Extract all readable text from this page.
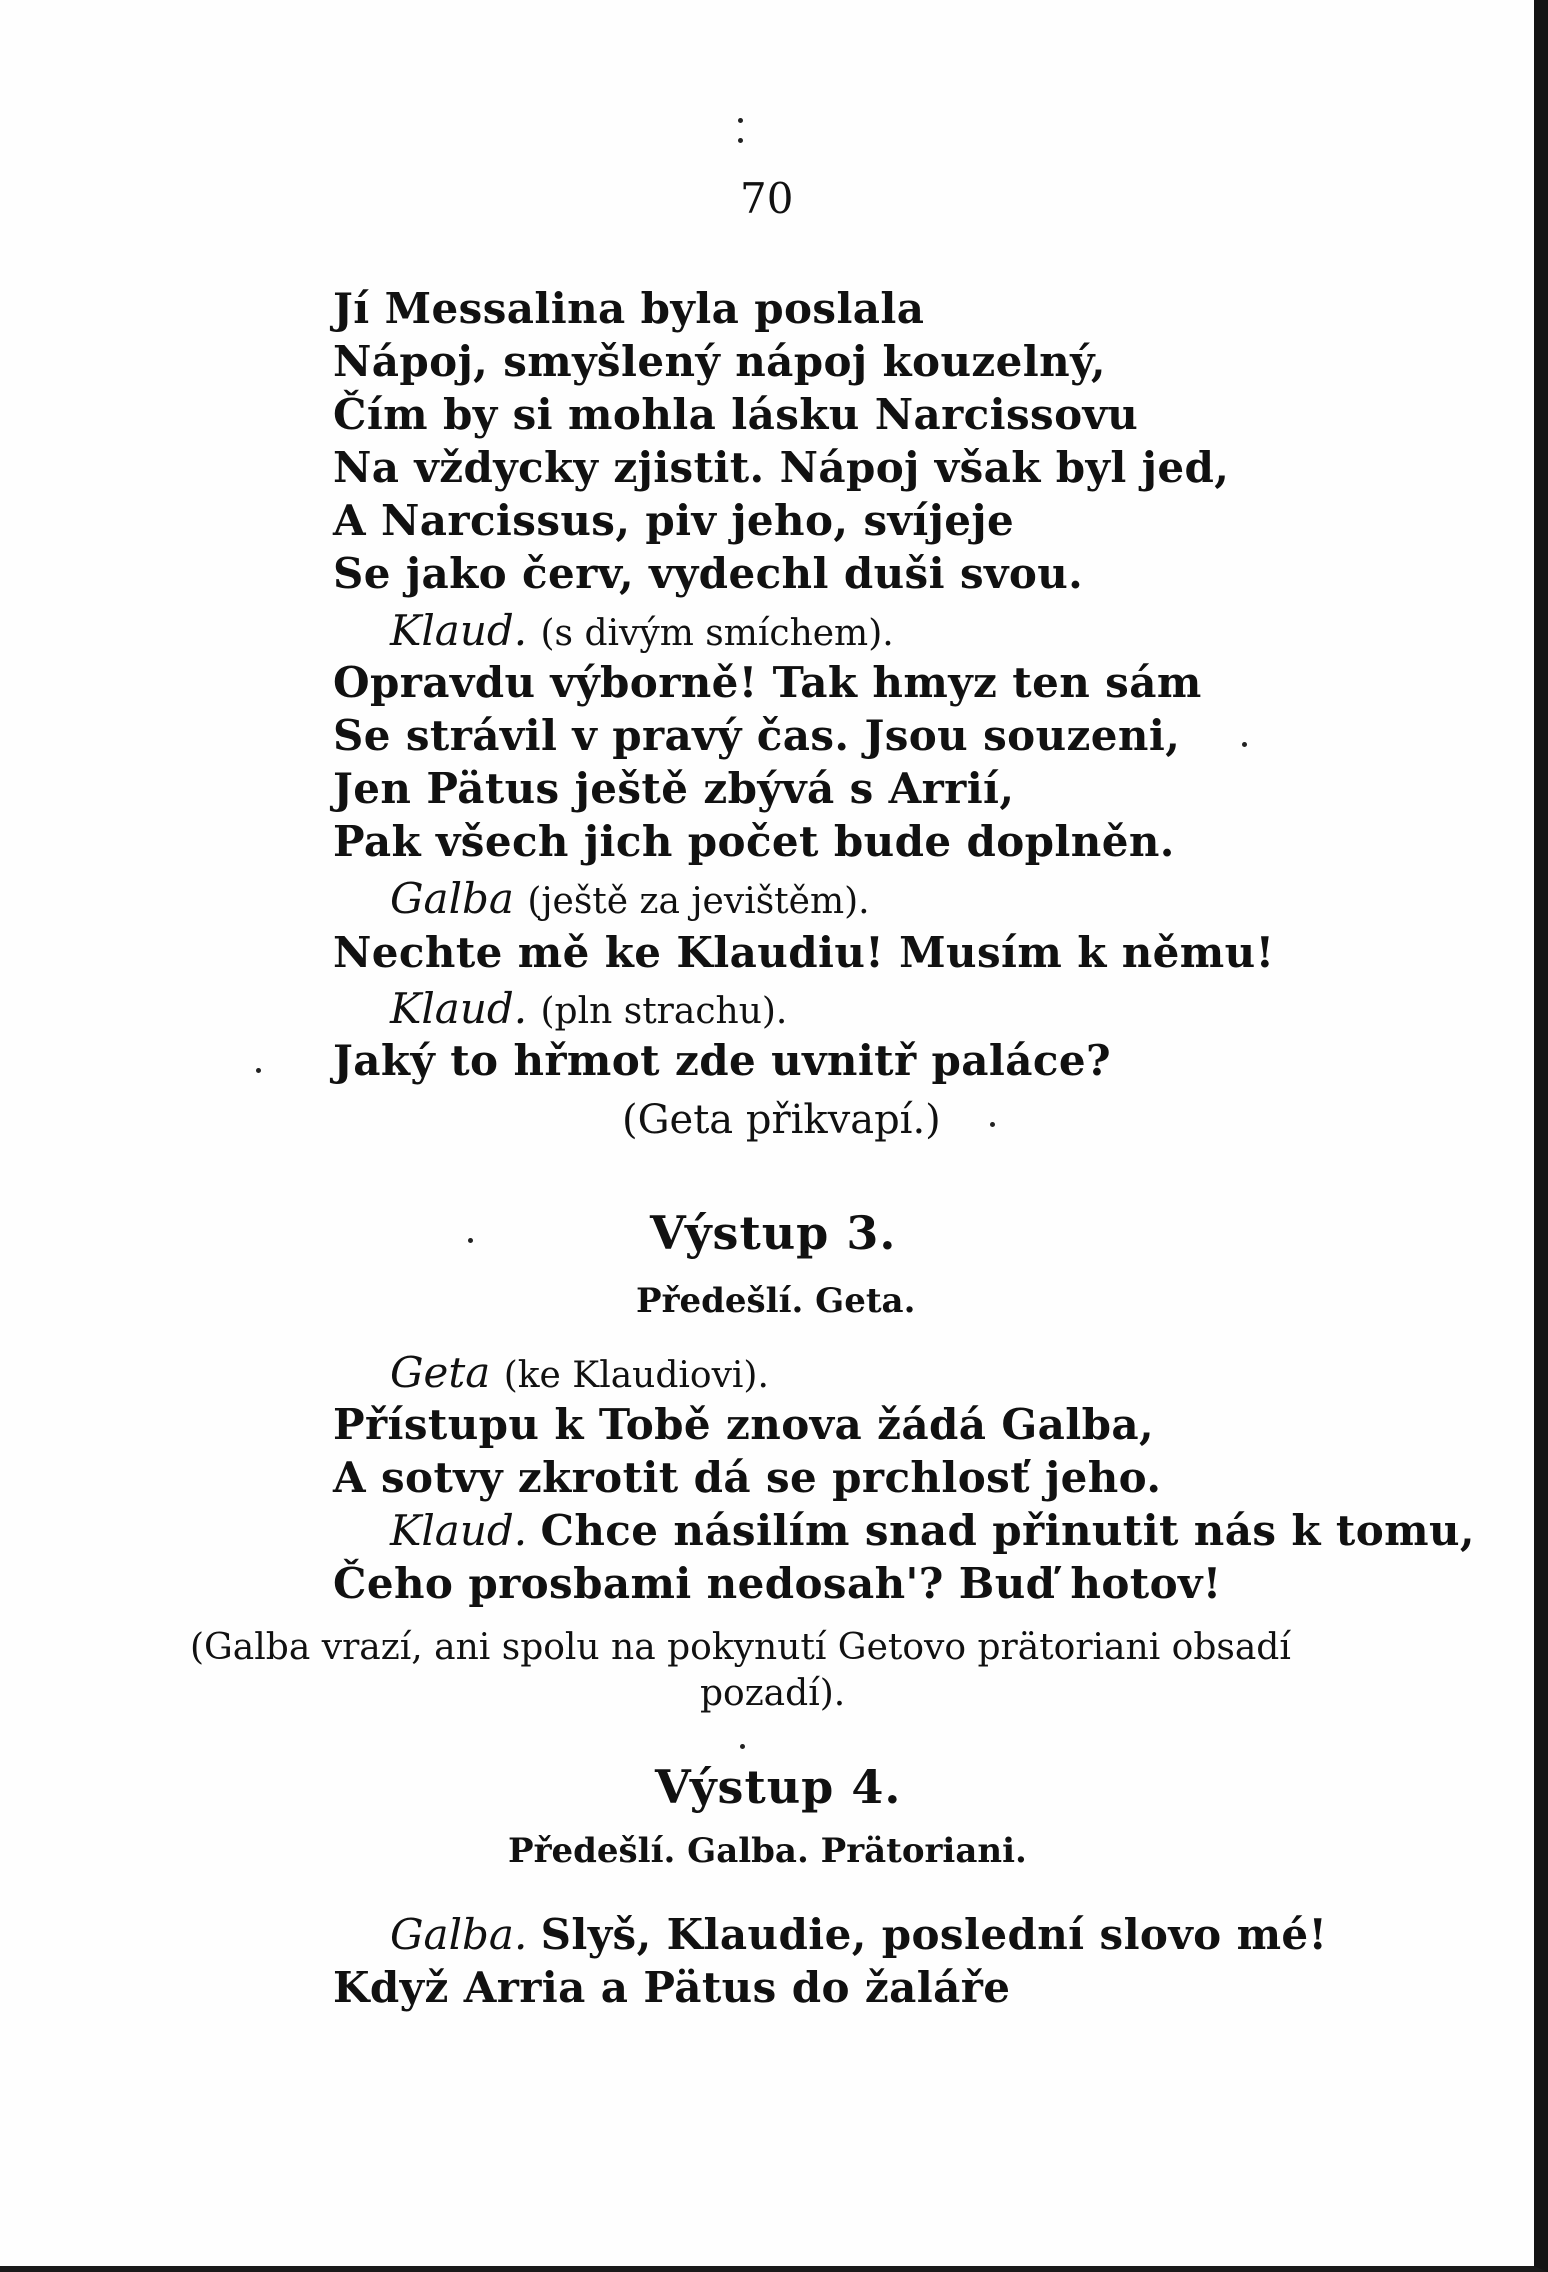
70
Jí Messalina byla poslala
Nápoj, smyšlený nápoj kouzelný,
Čím by si mohla lásku Narcissovu
Na vždycky zjistit. Nápoj však byl jed,
A Narcissus, piv jeho, svíjeje
Se jako červ, vydechl duši svou.
Klaud. (s divým smíchem).
Opravdu výborně! Tak hmyz ten sám
Se strávil v pravý čas. Jsou souzeni,
Jen Pätus ještě zbývá s Arrií,
Pak všech jich počet bude doplněn.
Galba (ještě za jevištěm).
Nechte mě ke Klaudiu! Musím k němu!
Klaud. (pln strachu).
Jaký to hřmot zde uvnitř paláce?
(Geta přikvapí.)
Výstup 3.
Předešlí. Geta.
Geta (ke Klaudiovi).
Přístupu k Tobě znova žádá Galba,
A sotvy zkrotit dá se prchlosť jeho.
Klaud. Chce násilím snad přinutit nás k tomu,
Čeho prosbami nedosah'? Buď hotov!
(Galba vrazí, ani spolu na pokynutí Getovo prätoriani obsadí
pozadí).
Výstup 4.
Předešlí. Galba. Prätoriani.
Galba. Slyš, Klaudie, poslední slovo mé!
Když Arria a Pätus do žaláře
